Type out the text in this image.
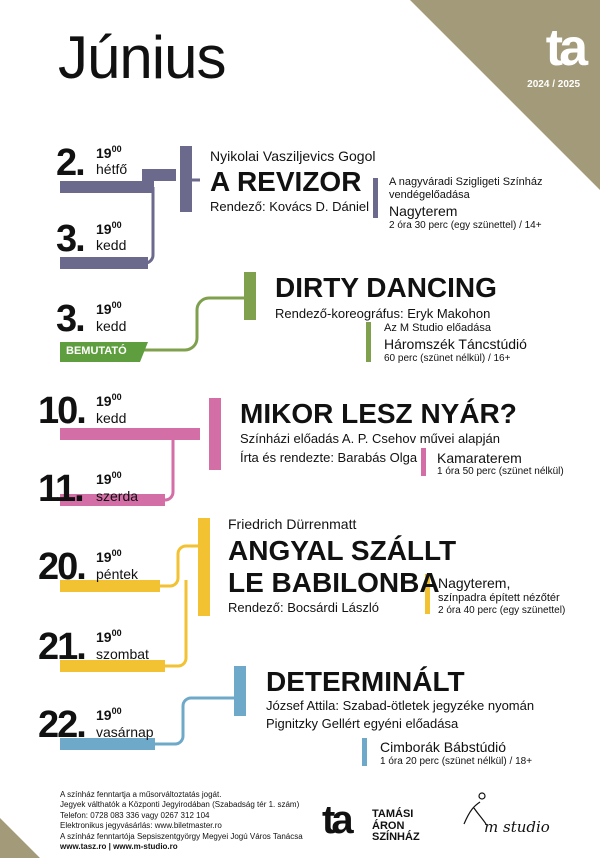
Június	ta
2024 / 2025
2. $19^{00}$
hétfő
3. $19^{00}$
kedd
Nyikolai Vasziljevics Gogol
A REVIZOR
Rendező: Kovács D. Dániel
A nagyváradi Szigligeti Színház vendégelőadása
Nagyterem
2 óra 30 perc (egy szünettel) / 14+
3. $19^{00}$
kedd
BEMUTATÓ
DIRTY DANCING
Rendező-koreográfus: Eryk Makohon
Az M Studio előadása
Háromszék Táncstúdió
60 perc (szünet nélkül) / 16+
10. $19^{00}$
kedd
11. $19^{00}$
szerda
MIKOR LESZ NYÁR?
Színházi előadás A. P. Csehov művei alapján
Írta és rendezte: Barabás Olga Kamaraterem
1 óra 50 perc (szünet nélkül)
20. $19^{00}$
péntek
21. $19^{00}$
szombat
Friedrich Dürrenmatt
ANGYAL SZÁLLT
LE BABILONBA
Rendező: Bocsárdi László
Nagyterem,
színpadra épített nézőtér
2 óra 40 perc (egy szünettel)
22. $19^{00}$
vasárnap
DETERMINÁLT
József Attila: Szabad-ötletek jegyzéke nyomán
Pignitzky Gellért egyéni előadása
Cimborák Bábstúdió
1 óra 20 perc (szünet nélkül) / 18+
A színház fenntartja a műsorváltoztatás jogát.
Jegyek válthatók a Központi Jegyirodában (Szabadság tér 1. szám)
Telefon: 0728 083 336 vagy 0267 312 104
Elektronikus jegyvásárlás: www.biletmaster.ro
A színház fenntartója Sepsiszentgyörgy Megyei Jogú Város Tanácsa
www.tasz.ro | www.m-studio.ro
ta TAMÁSI
ÁRON
SZÍNHÁZ
m studio
